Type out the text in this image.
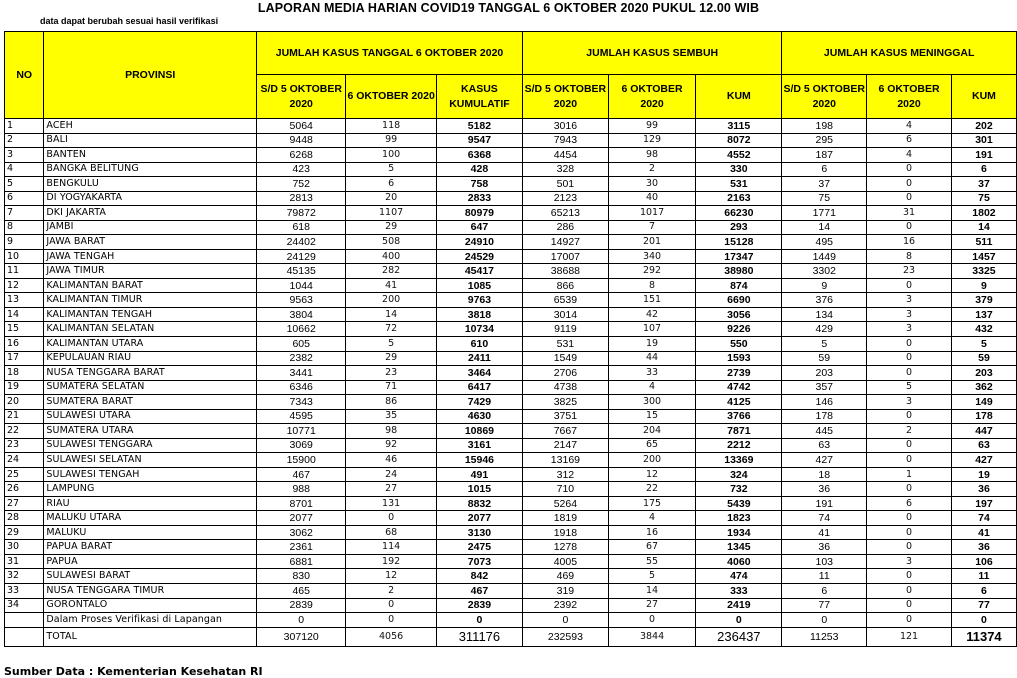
LAPORAN MEDIA HARIAN COVID19 TANGGAL 6 OKTOBER 2020 PUKUL 12.00 WIB
data dapat berubah sesuai hasil verifikasi
NO	PROVINSI	JUMLAH KASUS TANGGAL 6 OKTOBER 2020			JUMLAH KASUS SEMBUH			JUMLAH KASUS MENINGGAL		
		S/D 5 OKTOBER 2020	6 OKTOBER 2020	KASUS KUMULATIF	S/D 5 OKTOBER 2020	6 OKTOBER 2020	KUM	S/D 5 OKTOBER 2020	6 OKTOBER 2020	KUM
1	ACEH	5064	118	5182	3016	99	3115	198	4	202
2	BALI	9448	99	9547	7943	129	8072	295	6	301
3	BANTEN	6268	100	6368	4454	98	4552	187	4	191
4	BANGKA BELITUNG	423	5	428	328	2	330	6	0	6
5	BENGKULU	752	6	758	501	30	531	37	0	37
6	DI YOGYAKARTA	2813	20	2833	2123	40	2163	75	0	75
7	DKI JAKARTA	79872	1107	80979	65213	1017	66230	1771	31	1802
8	JAMBI	618	29	647	286	7	293	14	0	14
9	JAWA BARAT	24402	508	24910	14927	201	15128	495	16	511
10	JAWA TENGAH	24129	400	24529	17007	340	17347	1449	8	1457
11	JAWA TIMUR	45135	282	45417	38688	292	38980	3302	23	3325
12	KALIMANTAN BARAT	1044	41	1085	866	8	874	9	0	9
13	KALIMANTAN TIMUR	9563	200	9763	6539	151	6690	376	3	379
14	KALIMANTAN TENGAH	3804	14	3818	3014	42	3056	134	3	137
15	KALIMANTAN SELATAN	10662	72	10734	9119	107	9226	429	3	432
16	KALIMANTAN UTARA	605	5	610	531	19	550	5	0	5
17	KEPULAUAN RIAU	2382	29	2411	1549	44	1593	59	0	59
18	NUSA TENGGARA BARAT	3441	23	3464	2706	33	2739	203	0	203
19	SUMATERA SELATAN	6346	71	6417	4738	4	4742	357	5	362
20	SUMATERA BARAT	7343	86	7429	3825	300	4125	146	3	149
21	SULAWESI UTARA	4595	35	4630	3751	15	3766	178	0	178
22	SUMATERA UTARA	10771	98	10869	7667	204	7871	445	2	447
23	SULAWESI TENGGARA	3069	92	3161	2147	65	2212	63	0	63
24	SULAWESI SELATAN	15900	46	15946	13169	200	13369	427	0	427
25	SULAWESI TENGAH	467	24	491	312	12	324	18	1	19
26	LAMPUNG	988	27	1015	710	22	732	36	0	36
27	RIAU	8701	131	8832	5264	175	5439	191	6	197
28	MALUKU UTARA	2077	0	2077	1819	4	1823	74	0	74
29	MALUKU	3062	68	3130	1918	16	1934	41	0	41
30	PAPUA BARAT	2361	114	2475	1278	67	1345	36	0	36
31	PAPUA	6881	192	7073	4005	55	4060	103	3	106
32	SULAWESI BARAT	830	12	842	469	5	474	11	0	11
33	NUSA TENGGARA TIMUR	465	2	467	319	14	333	6	0	6
34	GORONTALO	2839	0	2839	2392	27	2419	77	0	77
	Dalam Proses Verifikasi di Lapangan	0	0	0	0	0	0	0	0	0
	TOTAL	307120	4056	311176	232593	3844	236437	11253	121	11374
Sumber Data : Kementerian Kesehatan RI
